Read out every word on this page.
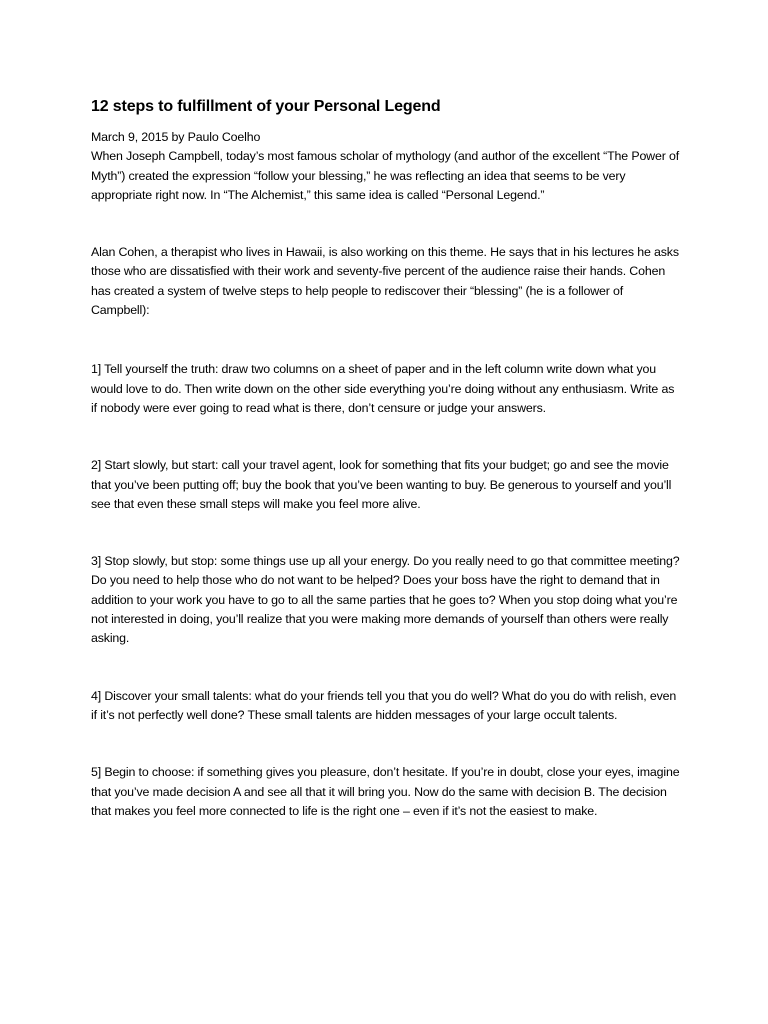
12 steps to fulfillment of your Personal Legend

March 9, 2015 by Paulo Coelho

When Joseph Campbell, today’s most famous scholar of mythology (and author of the excellent “The Power of Myth”) created the expression “follow your blessing,” he was reflecting an idea that seems to be very appropriate right now. In “The Alchemist,” this same idea is called “Personal Legend.”

Alan Cohen, a therapist who lives in Hawaii, is also working on this theme. He says that in his lectures he asks those who are dissatisfied with their work and seventy-five percent of the audience raise their hands. Cohen has created a system of twelve steps to help people to rediscover their “blessing” (he is a follower of Campbell):

1] Tell yourself the truth: draw two columns on a sheet of paper and in the left column write down what you would love to do. Then write down on the other side everything you’re doing without any enthusiasm. Write as if nobody were ever going to read what is there, don’t censure or judge your answers.

2] Start slowly, but start: call your travel agent, look for something that fits your budget; go and see the movie that you’ve been putting off; buy the book that you’ve been wanting to buy. Be generous to yourself and you’ll see that even these small steps will make you feel more alive.

3] Stop slowly, but stop: some things use up all your energy. Do you really need to go that committee meeting? Do you need to help those who do not want to be helped? Does your boss have the right to demand that in addition to your work you have to go to all the same parties that he goes to? When you stop doing what you’re not interested in doing, you’ll realize that you were making more demands of yourself than others were really asking.

4] Discover your small talents: what do your friends tell you that you do well? What do you do with relish, even if it’s not perfectly well done? These small talents are hidden messages of your large occult talents.

5] Begin to choose: if something gives you pleasure, don’t hesitate. If you’re in doubt, close your eyes, imagine that you’ve made decision A and see all that it will bring you. Now do the same with decision B. The decision that makes you feel more connected to life is the right one – even if it’s not the easiest to make.
